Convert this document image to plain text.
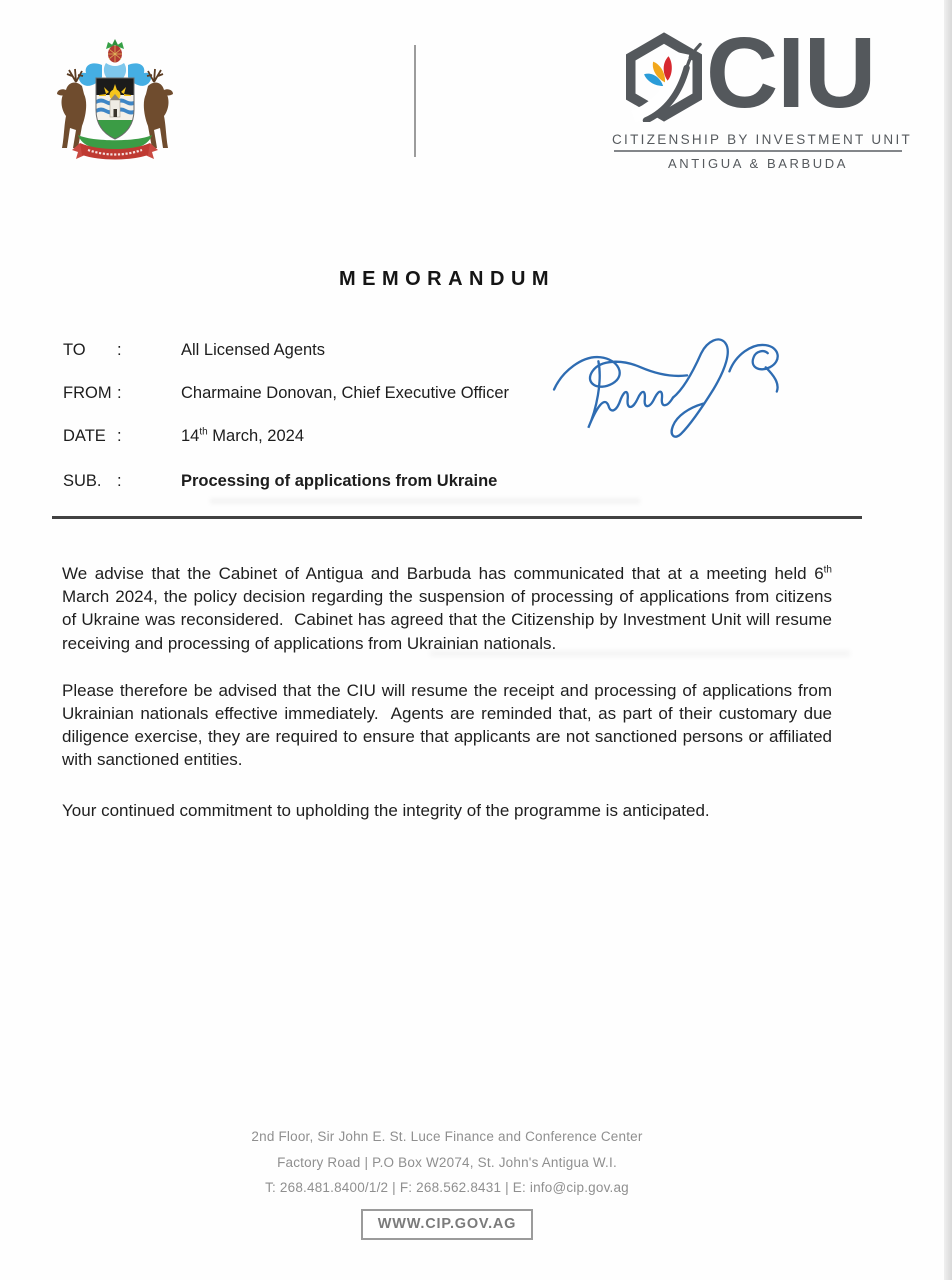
CIU
CITIZENSHIP BY INVESTMENT UNIT
ANTIGUA & BARBUDA
MEMORANDUM
TO :	All Licensed Agents
FROM :	Charmaine Donovan, Chief Executive Officer
DATE :	14th March, 2024
SUB. :	Processing of applications from Ukraine

We advise that the Cabinet of Antigua and Barbuda has communicated that at a meeting held 6th March 2024, the policy decision regarding the suspension of processing of applications from citizens of Ukraine was reconsidered.  Cabinet has agreed that the Citizenship by Investment Unit will resume receiving and processing of applications from Ukrainian nationals.

Please therefore be advised that the CIU will resume the receipt and processing of applications from Ukrainian nationals effective immediately.  Agents are reminded that, as part of their customary due diligence exercise, they are required to ensure that applicants are not sanctioned persons or affiliated with sanctioned entities.

Your continued commitment to upholding the integrity of the programme is anticipated.

2nd Floor, Sir John E. St. Luce Finance and Conference Center
Factory Road | P.O Box W2074, St. John's Antigua W.I.
T: 268.481.8400/1/2 | F: 268.562.8431 | E: info@cip.gov.ag
WWW.CIP.GOV.AG
